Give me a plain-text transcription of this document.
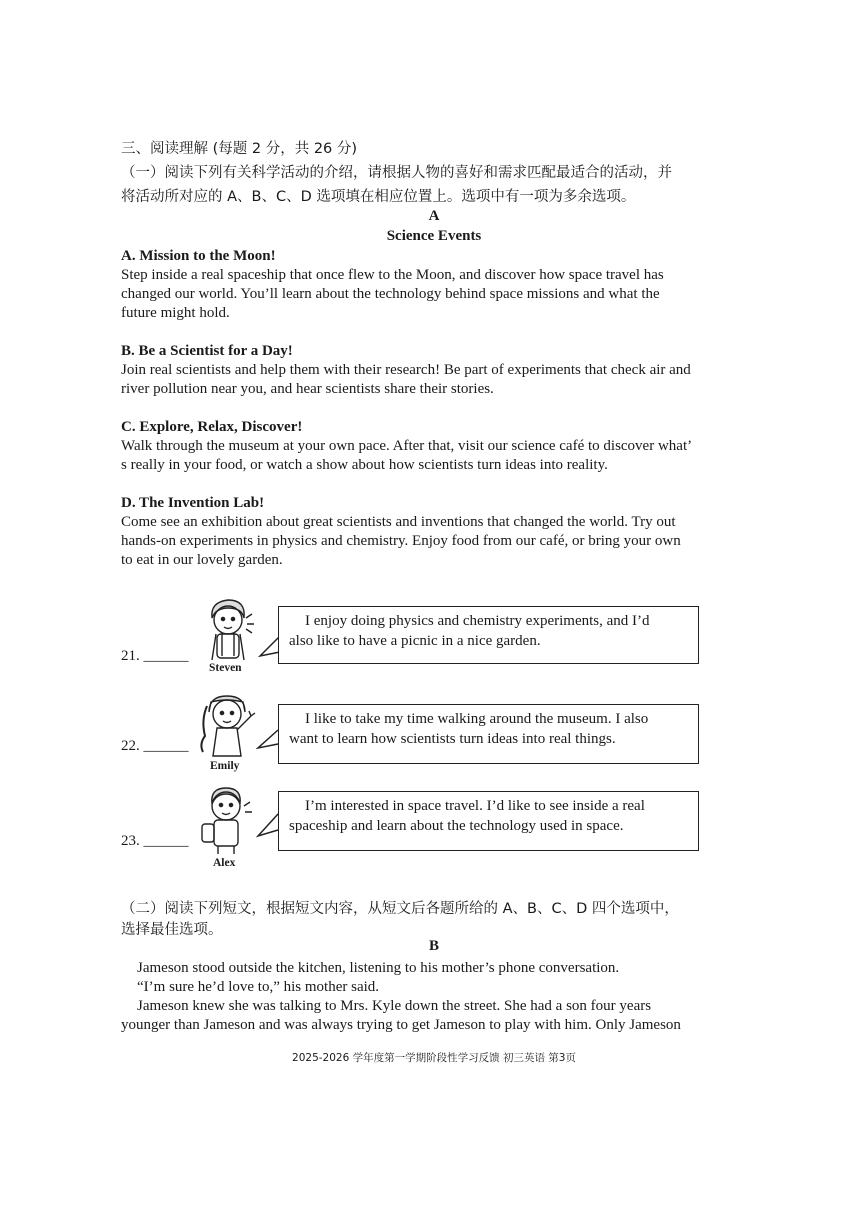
三、阅读理解 (每题 2 分，共 26 分)
（一）阅读下列有关科学活动的介绍，请根据人物的喜好和需求匹配最适合的活动，并
将活动所对应的 A、B、C、D 选项填在相应位置上。选项中有一项为多余选项。
A
Science Events
A. Mission to the Moon!
Step inside a real spaceship that once flew to the Moon, and discover how space travel has
changed our world. You’ll learn about the technology behind space missions and what the
future might hold.
B. Be a Scientist for a Day!
Join real scientists and help them with their research! Be part of experiments that check air and
river pollution near you, and hear scientists share their stories.
C. Explore, Relax, Discover!
Walk through the museum at your own pace. After that, visit our science café to discover what’
s really in your food, or watch a show about how scientists turn ideas into reality.
D. The Invention Lab!
Come see an exhibition about great scientists and inventions that changed the world. Try out
hands-on experiments in physics and chemistry. Enjoy food from our café, or bring your own
to eat in our lovely garden.
21. ______
Steven
I enjoy doing physics and chemistry experiments, and I’d
also like to have a picnic in a nice garden.
22. ______
Emily
I like to take my time walking around the museum. I also
want to learn how scientists turn ideas into real things.
23. ______
Alex
I’m interested in space travel. I’d like to see inside a real
spaceship and learn about the technology used in space.
（二）阅读下列短文，根据短文内容，从短文后各题所给的 A、B、C、D 四个选项中，
选择最佳选项。
B
Jameson stood outside the kitchen, listening to his mother’s phone conversation.
“I’m sure he’d love to,” his mother said.
Jameson knew she was talking to Mrs. Kyle down the street. She had a son four years
younger than Jameson and was always trying to get Jameson to play with him. Only Jameson
2025-2026 学年度第一学期阶段性学习反馈 初三英语 第3页
